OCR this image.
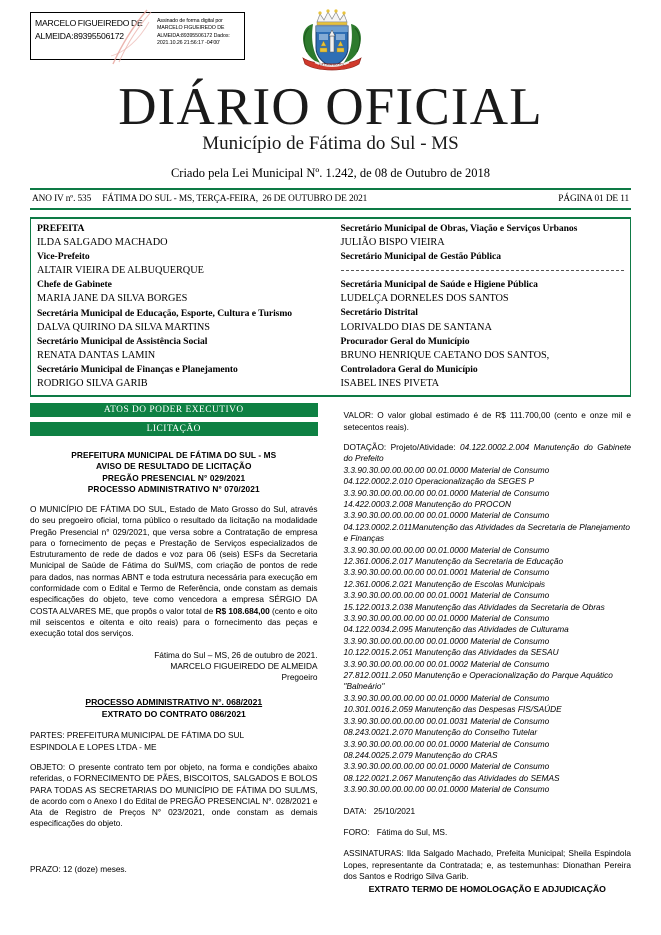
MARCELO FIGUEIREDO DE ALMEIDA:89395506172
Assinado de forma digital por MARCELO FIGUEIREDO DE ALMEIDA:89395506172 Dados: 2021.10.26 21:56:17 -04'00'
FÁTIMA DO SUL
DIÁRIO OFICIAL

Município de Fátima do Sul - MS

Criado pela Lei Municipal Nº. 1.242, de 08 de Outubro de 2018

ANO IV nº. 535     FÁTIMA DO SUL - MS, TERÇA-FEIRA,  26 DE OUTUBRO DE 2021	PÁGINA 01 DE 11
PREFEITA
ILDA SALGADO MACHADO
Vice-Prefeito
ALTAIR VIEIRA DE ALBUQUERQUE
Chefe de Gabinete
MARIA JANE DA SILVA BORGES
Secretária Municipal de Educação, Esporte, Cultura e Turismo
DALVA QUIRINO DA SILVA MARTINS
Secretário Municipal de Assistência Social
RENATA DANTAS LAMIN
Secretário Municipal de Finanças e Planejamento
RODRIGO SILVA GARIB
Secretário Municipal de Obras, Viação e Serviços Urbanos
JULIÃO BISPO VIEIRA
Secretário Municipal de Gestão Pública
Secretária Municipal de Saúde e Higiene Pública
LUDELÇA DORNELES DOS SANTOS
Secretário Distrital
LORIVALDO DIAS DE SANTANA
Procurador Geral do Município
BRUNO HENRIQUE CAETANO DOS SANTOS,
Controladora Geral do Município
ISABEL INES PIVETA
ATOS DO PODER EXECUTIVO
LICITAÇÃO
PREFEITURA MUNICIPAL DE FÁTIMA DO SUL - MS
AVISO DE RESULTADO DE LICITAÇÃO
PREGÃO PRESENCIAL N° 029/2021
PROCESSO ADMINISTRATIVO N° 070/2021

O MUNICÍPIO DE FÁTIMA DO SUL, Estado de Mato Grosso do Sul, através do seu pregoeiro oficial, torna público o resultado da licitação na modalidade Pregão Presencial n° 029/2021, que versa sobre a Contratação de empresa para o fornecimento de peças e Prestação de Serviços especializados de Estruturamento de rede de dados e voz para 06 (seis) ESFs da Secretaria Municipal de Saúde de Fátima do Sul/MS, com criação de pontos de rede para dados, nas normas ABNT e toda estrutura necessária para execução em conformidade com o Edital e Termo de Referência, onde constam as demais especificações do objeto, teve como vencedora a empresa SÉRGIO DA COSTA ALVARES ME, que propôs o valor total de R$ 108.684,00 (cento e oito mil seiscentos e oitenta e oito reais) para o fornecimento das peças e execução total dos serviços.

Fátima do Sul – MS, 26 de outubro de 2021.
MARCELO FIGUEIREDO DE ALMEIDA
Pregoeiro
PROCESSO ADMINISTRATIVO N°. 068/2021
EXTRATO DO CONTRATO 086/2021

PARTES: PREFEITURA MUNICIPAL DE FÁTIMA DO SUL

ESPINDOLA E LOPES LTDA - ME

OBJETO: O presente contrato tem por objeto, na forma e condições abaixo referidas, o FORNECIMENTO DE PÃES, BISCOITOS, SALGADOS E BOLOS PARA TODAS AS SECRETARIAS DO MUNICÍPIO DE FÁTIMA DO SUL/MS, de acordo com o Anexo I do Edital de PREGÃO PRESENCIAL N°. 028/2021 e Ata de Registro de Preços N° 023/2021, onde constam as demais especificações do objeto.

PRAZO: 12 (doze) meses.

VALOR: O valor global estimado é de R$ 111.700,00 (cento e onze mil e setecentos reais).

DOTAÇÃO: Projeto/Atividade: 04.122.0002.2.004 Manutenção do Gabinete do Prefeito

3.3.90.30.00.00.00.00 00.01.0000 Material de Consumo

04.122.0002.2.010 Operacionalização da SEGES P

3.3.90.30.00.00.00.00 00.01.0000 Material de Consumo

14.422.0003.2.008 Manutenção do PROCON

3.3.90.30.00.00.00.00 00.01.0000 Material de Consumo

04.123.0002.2.011Manutenção das Atividades da Secretaria de Planejamento e Finanças

3.3.90.30.00.00.00.00 00.01.0000 Material de Consumo

12.361.0006.2.017 Manutenção da Secretaria de Educação

3.3.90.30.00.00.00.00 00.01.0001 Material de Consumo

12.361.0006.2.021 Manutenção de Escolas Municipais

3.3.90.30.00.00.00.00 00.01.0001 Material de Consumo

15.122.0013.2.038 Manutenção das Atividades da Secretaria de Obras

3.3.90.30.00.00.00.00 00.01.0000 Material de Consumo

04.122.0034.2.095 Manutenção das Atividades de Culturama

3.3.90.30.00.00.00.00 00.01.0000 Material de Consumo

10.122.0015.2.051 Manutenção das Atividades da SESAU

3.3.90.30.00.00.00.00 00.01.0002 Material de Consumo

27.812.0011.2.050 Manutenção e Operacionalização do Parque Aquático "Balneário"

3.3.90.30.00.00.00.00 00.01.0000 Material de Consumo

10.301.0016.2.059 Manutenção das Despesas FIS/SAÚDE

3.3.90.30.00.00.00.00 00.01.0031 Material de Consumo

08.243.0021.2.070 Manutenção do Conselho Tutelar

3.3.90.30.00.00.00.00 00.01.0000 Material de Consumo

08.244.0025.2.079 Manutenção do CRAS

3.3.90.30.00.00.00.00 00.01.0000 Material de Consumo

08.122.0021.2.067 Manutenção das Atividades do SEMAS

3.3.90.30.00.00.00.00 00.01.0000 Material de Consumo

DATA: 25/10/2021

FORO: Fátima do Sul, MS.

ASSINATURAS: Ilda Salgado Machado, Prefeita Municipal; Sheila Espindola Lopes, representante da Contratada; e, as testemunhas: Dionathan Pereira dos Santos e Rodrigo Silva Garib.

EXTRATO TERMO DE HOMOLOGAÇÃO E ADJUDICAÇÃO
